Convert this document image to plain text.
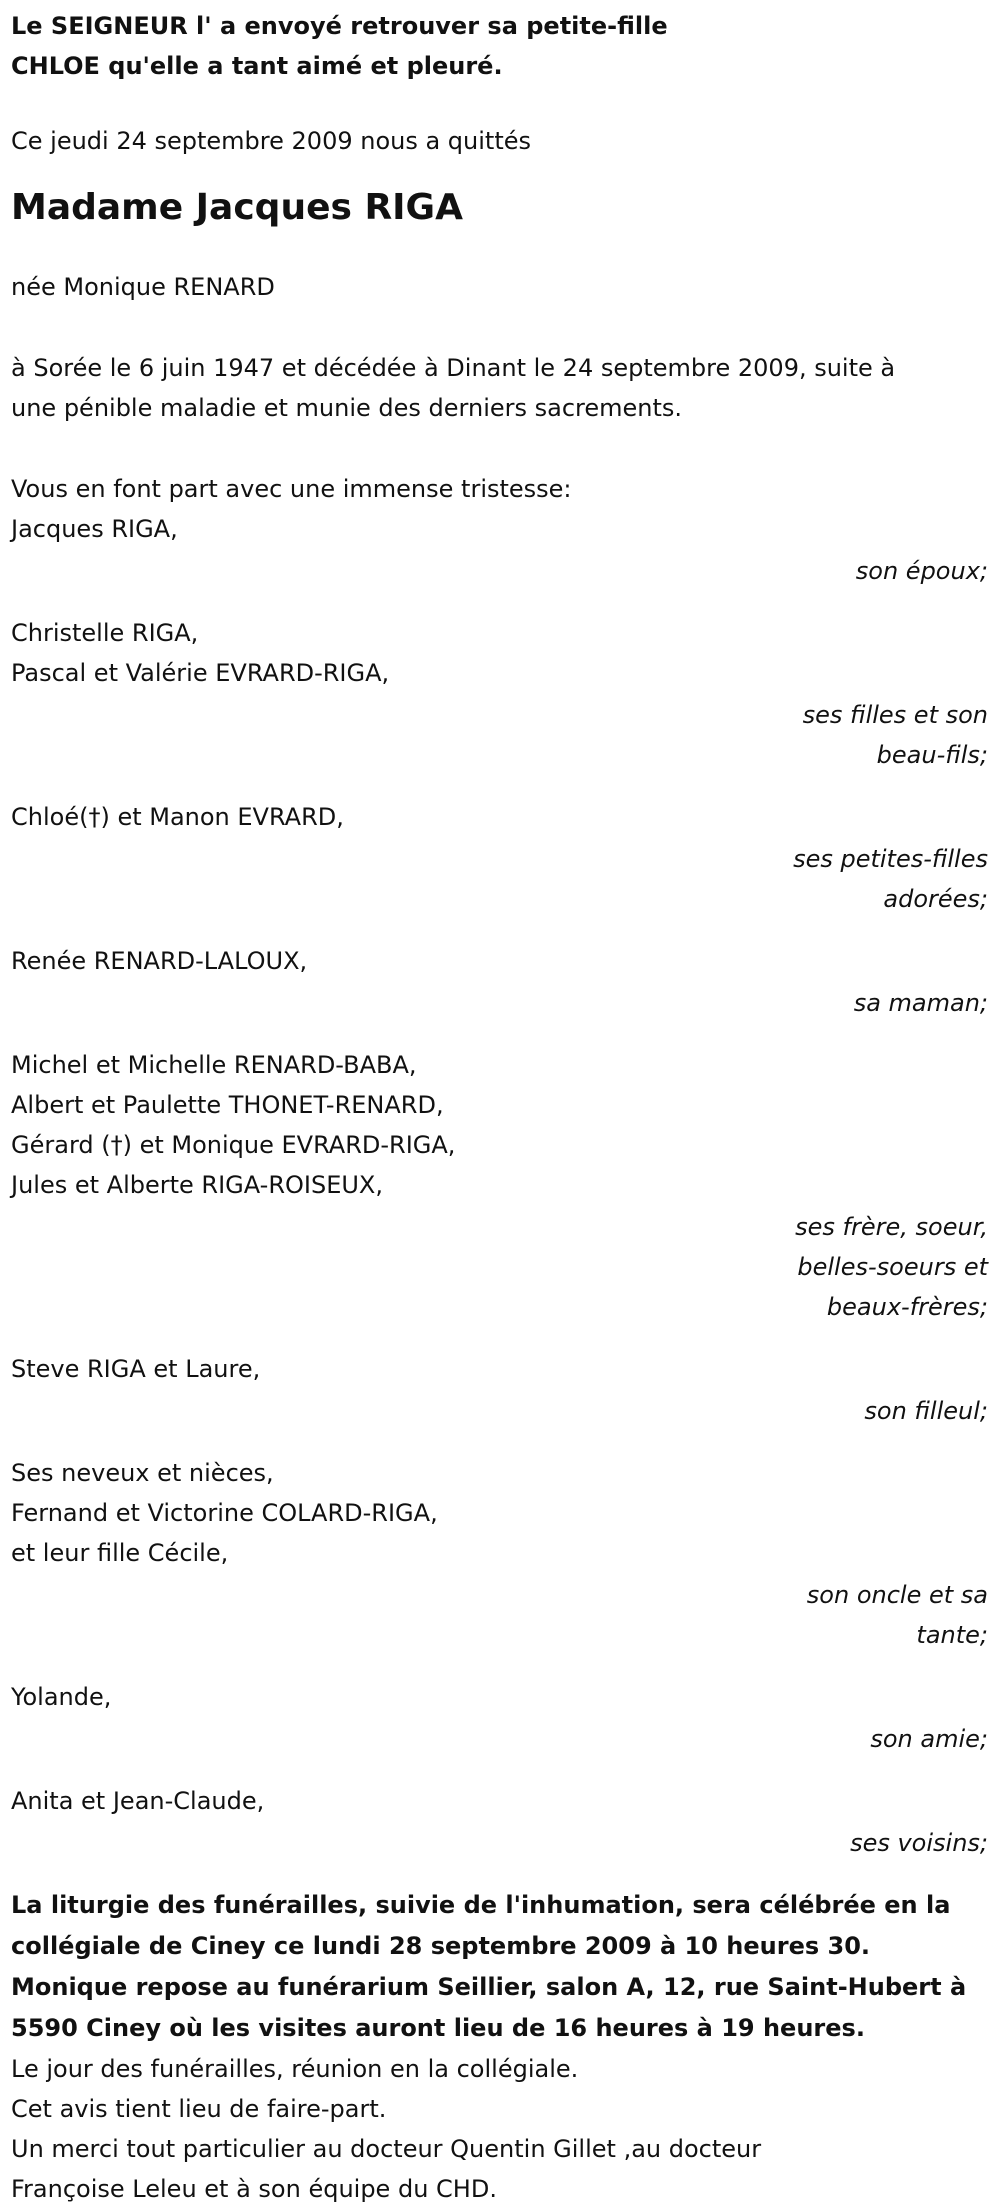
Le SEIGNEUR l' a envoyé retrouver sa petite-fille

CHLOE qu'elle a tant aimé et pleuré.

Ce jeudi 24 septembre 2009 nous a quittés

Madame Jacques RIGA

née Monique RENARD

à Sorée le 6 juin 1947 et décédée à Dinant le 24 septembre 2009, suite à

une pénible maladie et munie des derniers sacrements.

Vous en font part avec une immense tristesse:

Jacques RIGA,

son époux;

Christelle RIGA,

Pascal et Valérie EVRARD-RIGA,

ses filles et son
beau-fils;

Chloé(†) et Manon EVRARD,

ses petites-filles
adorées;

Renée RENARD-LALOUX,

sa maman;

Michel et Michelle RENARD-BABA,

Albert et Paulette THONET-RENARD,

Gérard (†) et Monique EVRARD-RIGA,

Jules et Alberte RIGA-ROISEUX,

ses frère, soeur,
belles-soeurs et
beaux-frères;

Steve RIGA et Laure,

son filleul;

Ses neveux et nièces,

Fernand et Victorine COLARD-RIGA,

et leur fille Cécile,

son oncle et sa
tante;

Yolande,

son amie;

Anita et Jean-Claude,

ses voisins;

La liturgie des funérailles, suivie de l'inhumation, sera célébrée en la

collégiale de Ciney ce lundi 28 septembre 2009 à 10 heures 30.

Monique repose au funérarium Seillier, salon A, 12, rue Saint-Hubert à

5590 Ciney où les visites auront lieu de 16 heures à 19 heures.

Le jour des funérailles, réunion en la collégiale.

Cet avis tient lieu de faire-part.

Un merci tout particulier au docteur Quentin Gillet ,au docteur

Françoise Leleu et à son équipe du CHD.
